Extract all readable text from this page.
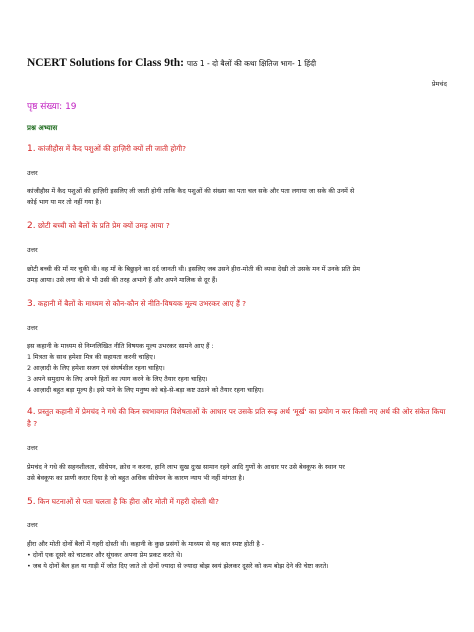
NCERT Solutions for Class 9th: पाठ 1 - दो बैलों की कथा क्षितिज भाग- 1 हिंदी
प्रेमचंद
पृष्ठ संख्या: 19
प्रश्न अभ्यास
1. कांजीहौस में कैद पशुओं की हाज़िरी क्यों ली जाती होगी?
उत्तर
कांजीहौस में कैद पशुओं की हाज़िरी इसलिए ली जाती होगी ताकि कैद पशुओं की संख्या का पता चल सके और पता लगाया जा सके की उनमें से
कोई भाग या मर तो नहीं गया है।
2. छोटी बच्ची को बैलों के प्रति प्रेम क्यों उमड़ आया ?
उत्तर
छोटी बच्ची की माँ मर चुकी थी। वह माँ के बिछुड़ने का दर्द जानती थी। इसलिए जब उसने हीरा-मोती की व्यथा देखी तो उसके मन में उनके प्रति प्रेम
उमड़ आया। उसे लगा की वे भी उसी की तरह अभागे हैं और अपने मालिक से दूर हैं।
3. कहानी में बैलों के माध्यम से कौन-कौन से नीति-विषयक मूल्य उभरकर आए हैं ?
उत्तर
इस कहानी के माध्यम से निम्नलिखित नीति विषयक मूल्य उभरकर सामने आए हैं :
1 मित्रता के साथ हमेशा मित्र की सहायता करनी चाहिए।
2 आज़ादी के लिए हमेशा सजग एवं संघर्षशील रहना चाहिए।
3 अपने समुदाय के लिए अपने हितों का त्याग करने के लिए तैयार रहना चाहिए।
4 आज़ादी बहुत बड़ा मूल्य है। इसे पाने के लिए मनुष्य को बड़े-से-बड़ा कष्ट उठाने को तैयार रहना चाहिए।
4. प्रस्तुत कहानी में प्रेमचंद ने गधे की किन स्वभावगत विशेषताओं के आधार पर उसके प्रति रूढ़ अर्थ 'मूर्ख' का प्रयोग न कर किसी नए अर्थ की ओर संकेत किया है ?
उत्तर
प्रेमचंद ने गधे की सहनशीलता, सीधेपन, क्रोध न करना, हानि लाभ सुख दुःख सामान रहने आदि गुणों के आधार पर उसे बेवकूफ के स्थान पर
उसे बेवकूफ का प्राणी करार दिया है जो बहुत अधिक सीधेपन के कारण न्याय भी नहीं मांगता है।
5. किन घटनाओं से पता चलता है कि हीरा और मोती में गहरी दोस्ती थी?
उत्तर
हीरा और मोती दोनों बैलों में गहरी दोस्ती थी। कहानी के कुछ प्रसंगों के माध्यम से यह बात स्पष्ट होती है -
• दोनों एक दूसरे को चाटकर और सूंघकर अपना प्रेम प्रकट करते थे।
• जब ये दोनों बैल हल या गाड़ी में जोत दिए जाते तो दोनों ज्यादा से ज्यादा बोझ स्वयं झेलकर दूसरे को कम बोझ देने की चेष्टा करते।
